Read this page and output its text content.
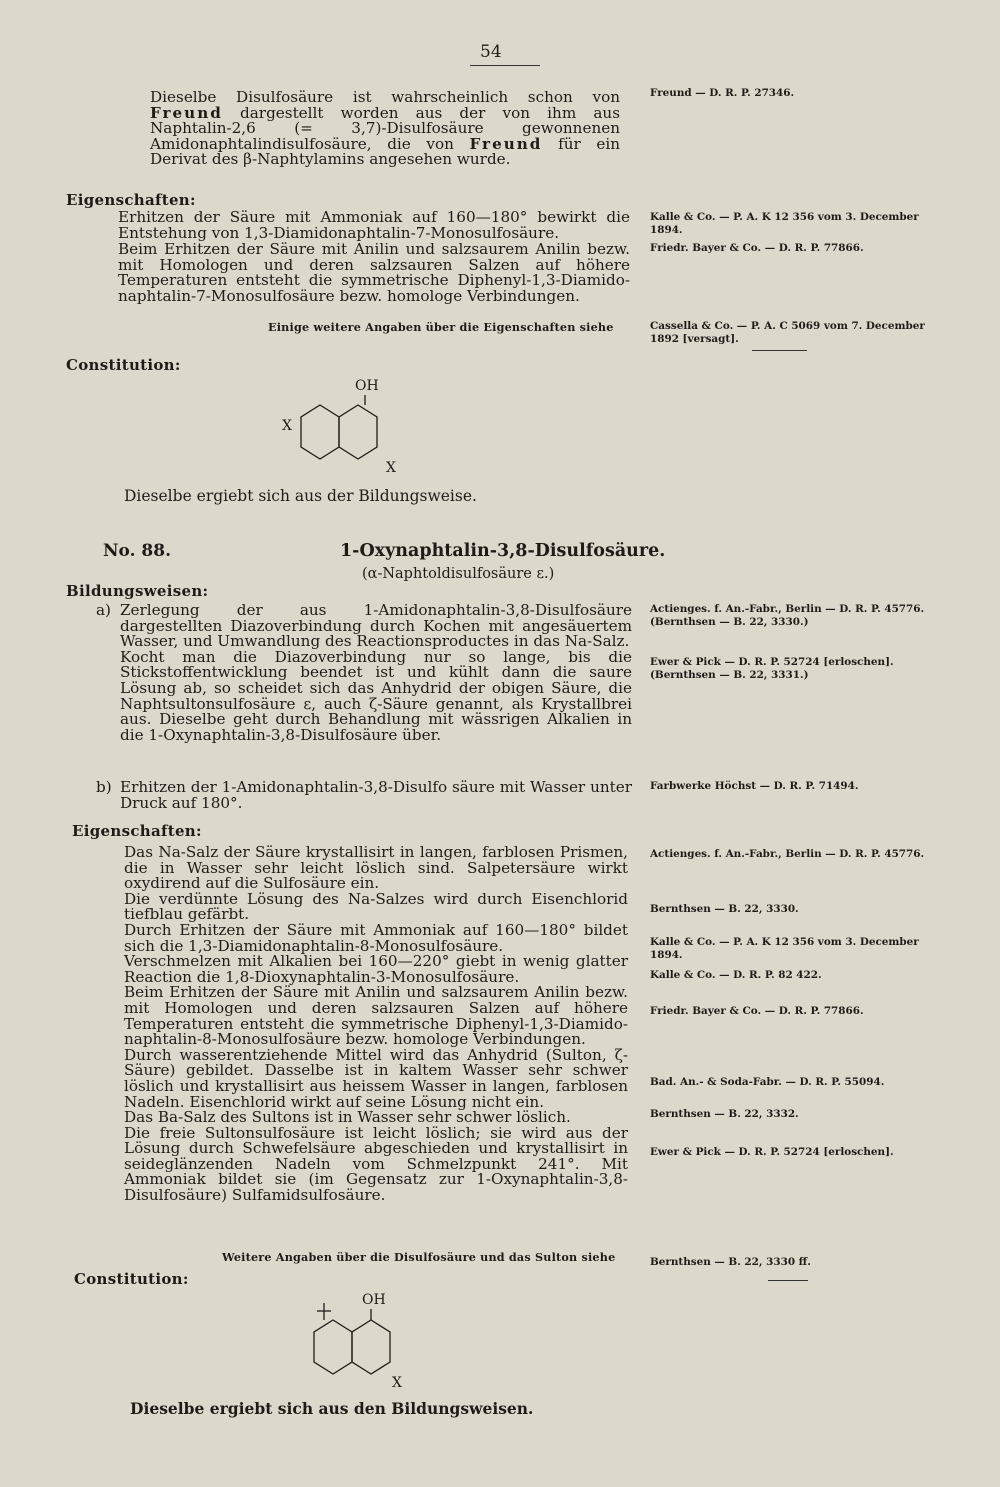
54

Dieselbe Disulfosäure ist wahrscheinlich schon von Freund dargestellt worden aus der von ihm aus Naphtalin-2,6 (= 3,7)-Disulfosäure gewonnenen Amidonaphtalindisulfosäure, die von Freund für ein Derivat des β-Naphtylamins angesehen wurde.

Eigenschaften:
Erhitzen der Säure mit Ammoniak auf 160—180° bewirkt die Entstehung von 1,3-Diamidonaphtalin-7-Monosulfosäure.
Beim Erhitzen der Säure mit Anilin und salzsaurem Anilin bezw. mit Homologen und deren salzsauren Salzen auf höhere Temperaturen entsteht die symmetrische Diphenyl-1,3-Diamido-naphtalin-7-Monosulfosäure bezw. homologe Verbindungen.
Einige weitere Angaben über die Eigenschaften siehe
Constitution:
OH
X
X
Dieselbe ergiebt sich aus der Bildungsweise.
Freund — D. R. P. 27346.
Kalle & Co. — P. A. K 12 356 vom 3. December 1894.
Friedr. Bayer & Co. — D. R. P. 77866.
Cassella & Co. — P. A. C 5069 vom 7. December 1892 [versagt].
No. 88.	1-Oxynaphtalin-3,8-Disulfosäure.
(α-Naphtoldisulfosäure ε.)
Bildungsweisen:
a) Zerlegung der aus 1-Amidonaphtalin-3,8-Disulfosäure dargestellten Diazoverbindung durch Kochen mit angesäuertem Wasser, und Umwandlung des Reactionsproductes in das Na-Salz.

Kocht man die Diazoverbindung nur so lange, bis die Stickstoffentwicklung beendet ist und kühlt dann die saure Lösung ab, so scheidet sich das Anhydrid der obigen Säure, die Naphtsultonsulfosäure ε, auch ζ-Säure genannt, als Krystallbrei aus. Dieselbe geht durch Behandlung mit wässrigen Alkalien in die 1-Oxynaphtalin-3,8-Disulfosäure über.

b) Erhitzen der 1-Amidonaphtalin-3,8-Disulfo säure mit Wasser unter Druck auf 180°.

Eigenschaften:

Das Na-Salz der Säure krystallisirt in langen, farblosen Prismen, die in Wasser sehr leicht löslich sind. Salpetersäure wirkt oxydirend auf die Sulfosäure ein.

Die verdünnte Lösung des Na-Salzes wird durch Eisenchlorid tiefblau gefärbt.

Durch Erhitzen der Säure mit Ammoniak auf 160—180° bildet sich die 1,3-Diamidonaphtalin-8-Monosulfosäure.

Verschmelzen mit Alkalien bei 160—220° giebt in wenig glatter Reaction die 1,8-Dioxynaphtalin-3-Monosulfosäure.

Beim Erhitzen der Säure mit Anilin und salzsaurem Anilin bezw. mit Homologen und deren salzsauren Salzen auf höhere Temperaturen entsteht die symmetrische Diphenyl-1,3-Diamido-naphtalin-8-Monosulfosäure bezw. homologe Verbindungen.

Durch wasserentziehende Mittel wird das Anhydrid (Sulton, ζ-Säure) gebildet. Dasselbe ist in kaltem Wasser sehr schwer löslich und krystallisirt aus heissem Wasser in langen, farblosen Nadeln. Eisenchlorid wirkt auf seine Lösung nicht ein.

Das Ba-Salz des Sultons ist in Wasser sehr schwer löslich.

Die freie Sultonsulfosäure ist leicht löslich; sie wird aus der Lösung durch Schwefelsäure abgeschieden und krystallisirt in seideglänzenden Nadeln vom Schmelzpunkt 241°. Mit Ammoniak bildet sie (im Gegensatz zur 1-Oxynaphtalin-3,8-Disulfosäure) Sulfamidsulfosäure.

Weitere Angaben über die Disulfosäure und das Sulton siehe
Constitution:
OH
X
Dieselbe ergiebt sich aus den Bildungsweisen.
Actienges. f. An.-Fabr., Berlin — D. R. P. 45776. (Bernthsen — B. 22, 3330.)
Ewer & Pick — D. R. P. 52724 [erloschen]. (Bernthsen — B. 22, 3331.)
Farbwerke Höchst — D. R. P. 71494.
Actienges. f. An.-Fabr., Berlin — D. R. P. 45776.
Bernthsen — B. 22, 3330.
Kalle & Co. — P. A. K 12 356 vom 3. December 1894.
Kalle & Co. — D. R. P. 82 422.
Friedr. Bayer & Co. — D. R. P. 77866.
Bad. An.- & Soda-Fabr. — D. R. P. 55094.
Bernthsen — B. 22, 3332.
Ewer & Pick — D. R. P. 52724 [erloschen].
Bernthsen — B. 22, 3330 ff.
